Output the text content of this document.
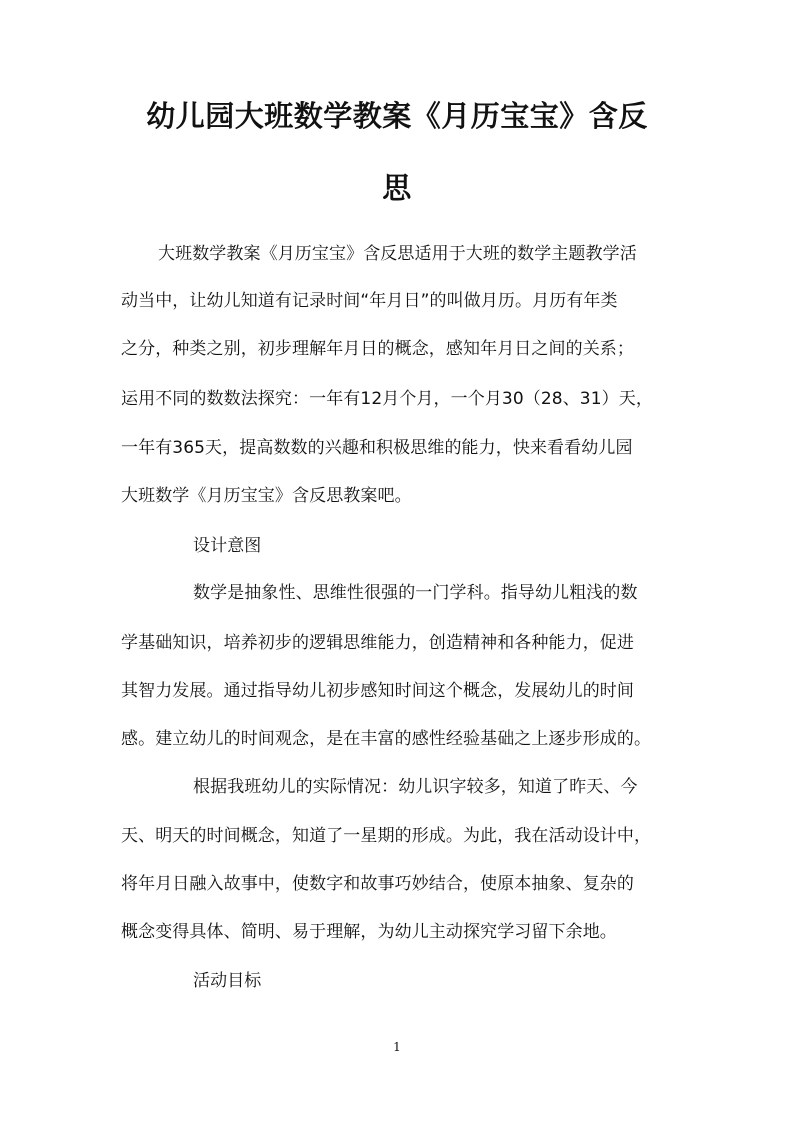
幼儿园大班数学教案《月历宝宝》含反
思
大班数学教案《月历宝宝》含反思适用于大班的数学主题教学活
动当中，让幼儿知道有记录时间“年月日”的叫做月历。月历有年类
之分，种类之别，初步理解年月日的概念，感知年月日之间的关系；
运用不同的数数法探究：一年有12月个月，一个月30（28、31）天，
一年有365天，提高数数的兴趣和积极思维的能力，快来看看幼儿园
大班数学《月历宝宝》含反思教案吧。
设计意图
数学是抽象性、思维性很强的一门学科。指导幼儿粗浅的数
学基础知识，培养初步的逻辑思维能力，创造精神和各种能力，促进
其智力发展。通过指导幼儿初步感知时间这个概念，发展幼儿的时间
感。建立幼儿的时间观念，是在丰富的感性经验基础之上逐步形成的。
根据我班幼儿的实际情况：幼儿识字较多，知道了昨天、今
天、明天的时间概念，知道了一星期的形成。为此，我在活动设计中，
将年月日融入故事中，使数字和故事巧妙结合，使原本抽象、复杂的
概念变得具体、简明、易于理解，为幼儿主动探究学习留下余地。
活动目标
1
